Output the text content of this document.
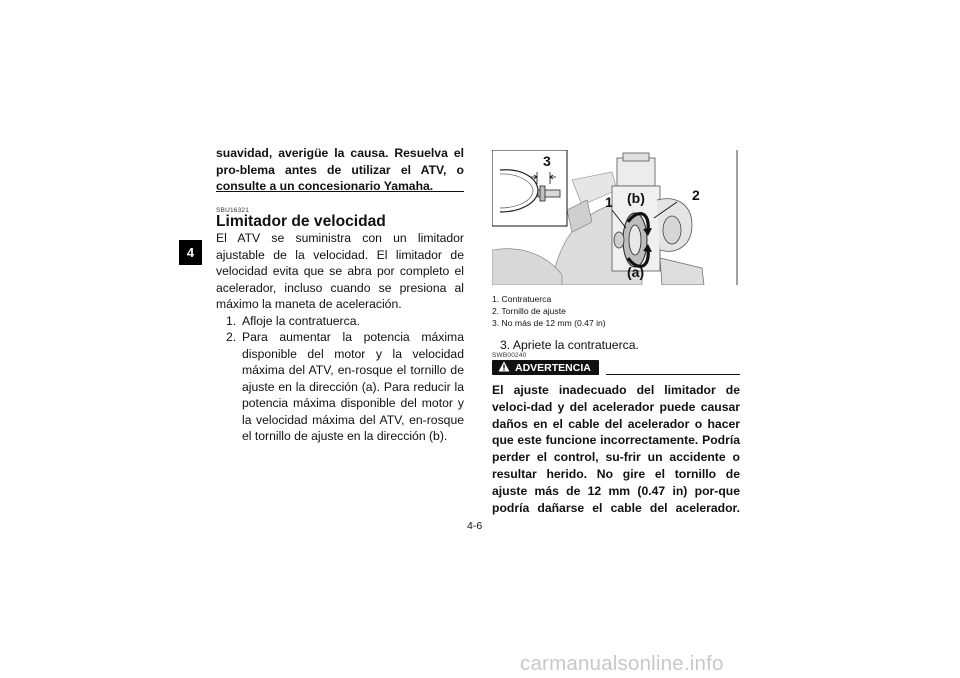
4
suavidad, averigüe la causa. Resuelva el pro-blema antes de utilizar el ATV, o consulte a un concesionario Yamaha.
SBU16321
Limitador de velocidad
El ATV se suministra con un limitador ajustable de la velocidad. El limitador de velocidad evita que se abra por completo el acelerador, incluso cuando se presiona al máximo la maneta de aceleración.
1. Afloje la contratuerca.
2. Para aumentar la potencia máxima disponible del motor y la velocidad máxima del ATV, en-rosque el tornillo de ajuste en la dirección (a). Para reducir la potencia máxima disponible del motor y la velocidad máxima del ATV, en-rosque el tornillo de ajuste en la dirección (b).
3
1	2
(b)
(a)
1. Contratuerca
2. Tornillo de ajuste
3. No más de 12 mm (0.47 in)
3. Apriete la contratuerca.
SWB00240
ADVERTENCIA
El ajuste inadecuado del limitador de veloci-dad y del acelerador puede causar daños en el cable del acelerador o hacer que este funcione incorrectamente. Podría perder el control, su-frir un accidente o resultar herido. No gire el tornillo de ajuste más de 12 mm (0.47 in) por-que podría dañarse el cable del acelerador.
4-6
carmanualsonline.info
